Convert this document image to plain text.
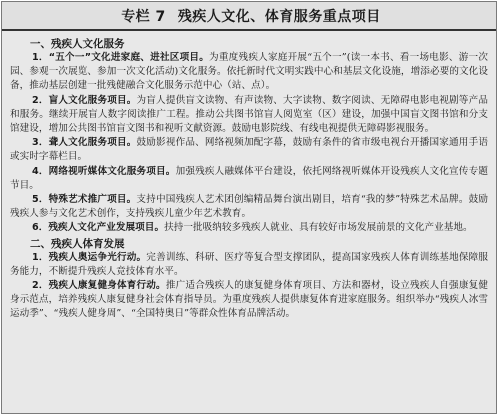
专栏 7 残疾人文化、体育服务重点项目
一、残疾人文化服务

1．“五个一”文化进家庭、进社区项目。为重度残疾人家庭开展“五个一”(读一本书、看一场电影、游一次园、参观一次展览、参加一次文化活动)文化服务。依托新时代文明实践中心和基层文化设施，增添必要的文化设备，推动基层创建一批残健融合文化服务示范中心（站、点）。

2．盲人文化服务项目。为盲人提供盲文读物、有声读物、大字读物、数字阅读、无障碍电影电视剧等产品和服务。继续开展盲人数字阅读推广工程。推动公共图书馆盲人阅览室（区）建设，加强中国盲文图书馆和分支馆建设，增加公共图书馆盲文图书和视听文献资源。鼓励电影院线、有线电视提供无障碍影视服务。

3．聋人文化服务项目。鼓励影视作品、网络视频加配字幕，鼓励有条件的省市级电视台开播国家通用手语或实时字幕栏目。

4．网络视听媒体文化服务项目。加强残疾人融媒体平台建设，依托网络视听媒体开设残疾人文化宣传专题节目。

5．特殊艺术推广项目。支持中国残疾人艺术团创编精品舞台演出剧目，培育“我的梦”特殊艺术品牌。鼓励残疾人参与文化艺术创作，支持残疾儿童少年艺术教育。

6．残疾人文化产业发展项目。扶持一批吸纳较多残疾人就业、具有较好市场发展前景的文化产业基地。

二、残疾人体育发展

1．残疾人奥运争光行动。完善训练、科研、医疗等复合型支撑团队，提高国家残疾人体育训练基地保障服务能力，不断提升残疾人竞技体育水平。

2．残疾人康复健身体育行动。推广适合残疾人的康复健身体育项目、方法和器材，设立残疾人自强康复健身示范点，培养残疾人康复健身社会体育指导员。为重度残疾人提供康复体育进家庭服务。组织举办“残疾人冰雪运动季”、“残疾人健身周”、“全国特奥日”等群众性体育品牌活动。
